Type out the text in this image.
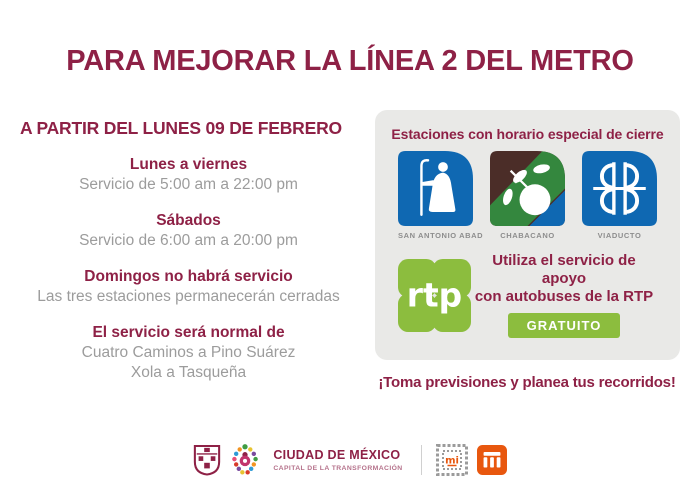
PARA MEJORAR LA LÍNEA 2 DEL METRO
A PARTIR DEL LUNES 09 DE FEBRERO
Lunes a viernes
Servicio de 5:00 am a 22:00 pm
Sábados
Servicio de 6:00 am a 20:00 pm
Domingos no habrá servicio
Las tres estaciones permanecerán cerradas
El servicio será normal de
Cuatro Caminos a Pino Suárez
Xola a Tasqueña
Estaciones con horario especial de cierre
SAN ANTONIO ABAD	CHABACANO	VIADUCTO
rtp
Utiliza el servicio de apoyo
con autobuses de la RTP
GRATUITO
¡Toma previsiones y planea tus recorridos!
CIUDAD DE MÉXICO
CAPITAL DE LA TRANSFORMACIÓN
mi
